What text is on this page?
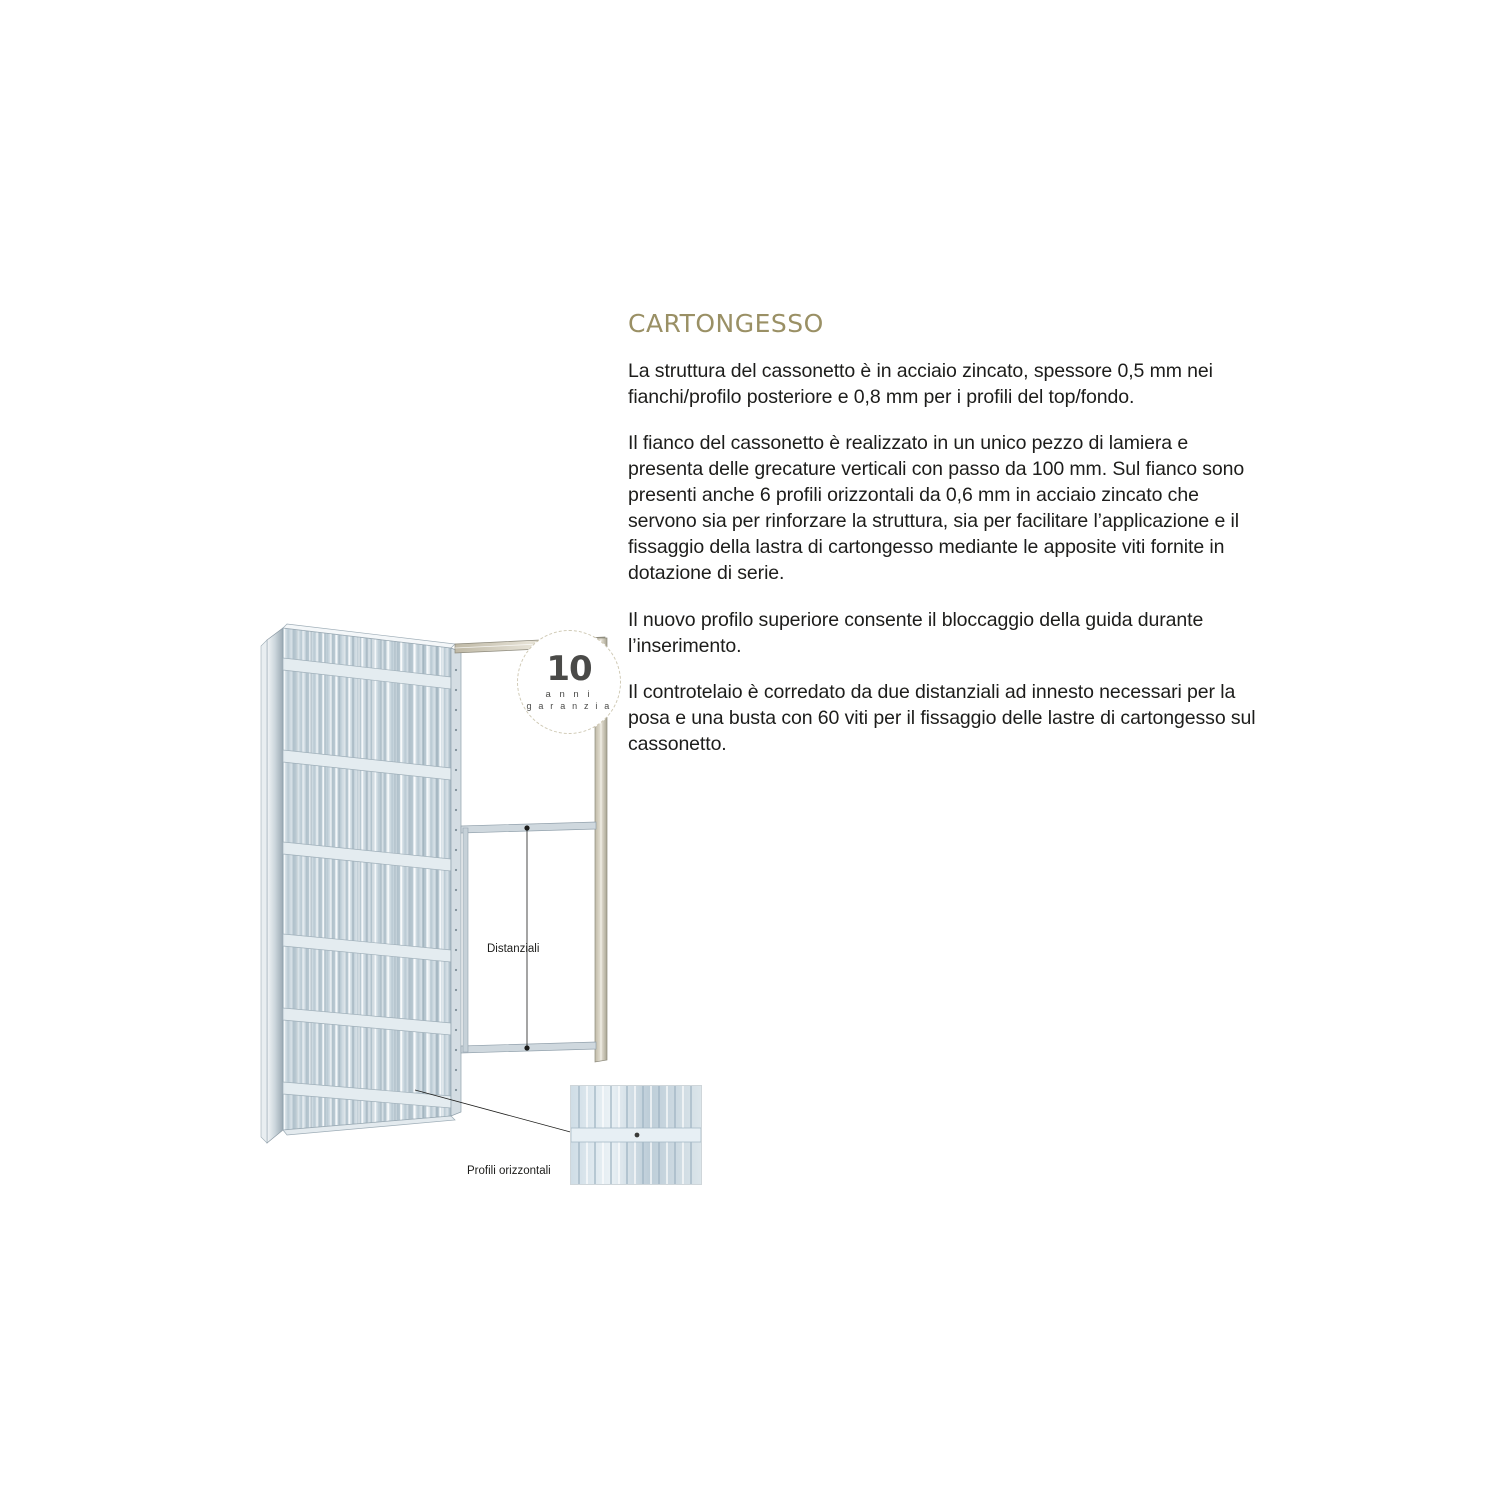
CARTONGESSO

La struttura del cassonetto è in acciaio zincato, spessore 0,5 mm nei fianchi/profilo posteriore e 0,8 mm per i profili del top/fondo.

Il fianco del cassonetto è realizzato in un unico pezzo di lamiera e presenta delle grecature verticali con passo da 100 mm. Sul fianco sono presenti anche 6 profili orizzontali da 0,6 mm in acciaio zincato che servono sia per rinforzare la struttura, sia per facilitare l’applicazione e il fissaggio della lastra di cartongesso mediante le apposite viti fornite in dotazione di serie.

Il nuovo profilo superiore consente il bloccaggio della guida durante l’inserimento.

Il controtelaio è corredato da due distanziali ad innesto necessari per la posa e una busta con 60 viti per il fissaggio delle lastre di cartongesso sul cassonetto.

Distanziali
Profili orizzontali
10
a n n i
g a r a n z i a
